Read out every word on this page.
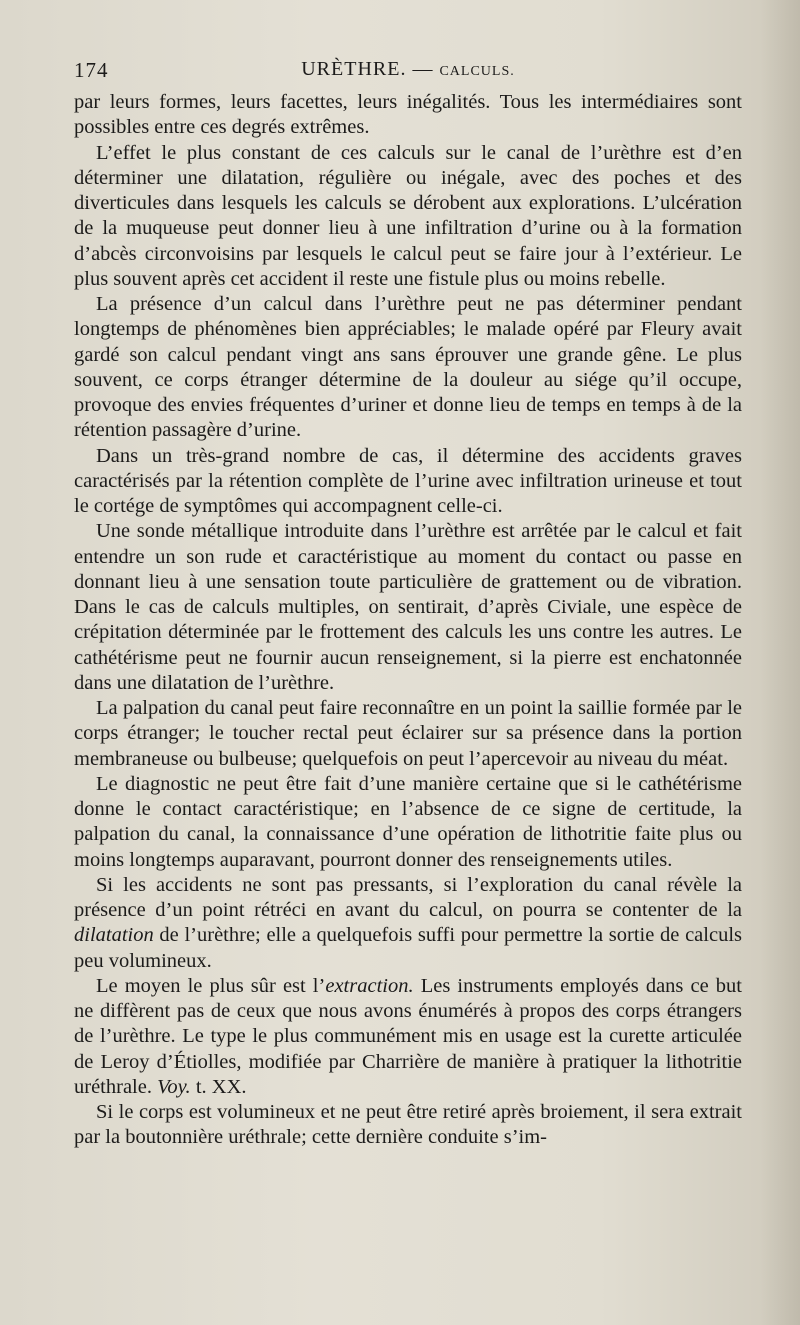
174	URÈTHRE. — CALCULS.

par leurs formes, leurs facettes, leurs inégalités. Tous les intermédiaires sont possibles entre ces degrés extrêmes.

L’effet le plus constant de ces calculs sur le canal de l’urèthre est d’en déterminer une dilatation, régulière ou inégale, avec des poches et des diverticules dans lesquels les calculs se dérobent aux explorations. L’ulcération de la muqueuse peut donner lieu à une infiltration d’urine ou à la formation d’abcès circonvoisins par lesquels le calcul peut se faire jour à l’extérieur. Le plus souvent après cet accident il reste une fistule plus ou moins rebelle.

La présence d’un calcul dans l’urèthre peut ne pas déterminer pendant longtemps de phénomènes bien appréciables; le malade opéré par Fleury avait gardé son calcul pendant vingt ans sans éprouver une grande gêne. Le plus souvent, ce corps étranger détermine de la douleur au siége qu’il occupe, provoque des envies fréquentes d’uriner et donne lieu de temps en temps à de la rétention passagère d’urine.

Dans un très-grand nombre de cas, il détermine des accidents graves caractérisés par la rétention complète de l’urine avec infiltration urineuse et tout le cortége de symptômes qui accompagnent celle-ci.

Une sonde métallique introduite dans l’urèthre est arrêtée par le calcul et fait entendre un son rude et caractéristique au moment du contact ou passe en donnant lieu à une sensation toute particulière de grattement ou de vibration. Dans le cas de calculs multiples, on sentirait, d’après Civiale, une espèce de crépitation déterminée par le frottement des calculs les uns contre les autres. Le cathétérisme peut ne fournir aucun renseignement, si la pierre est enchatonnée dans une dilatation de l’urèthre.

La palpation du canal peut faire reconnaître en un point la saillie formée par le corps étranger; le toucher rectal peut éclairer sur sa présence dans la portion membraneuse ou bulbeuse; quelquefois on peut l’apercevoir au niveau du méat.

Le diagnostic ne peut être fait d’une manière certaine que si le cathétérisme donne le contact caractéristique; en l’absence de ce signe de certitude, la palpation du canal, la connaissance d’une opération de lithotritie faite plus ou moins longtemps auparavant, pourront donner des renseignements utiles.

Si les accidents ne sont pas pressants, si l’exploration du canal révèle la présence d’un point rétréci en avant du calcul, on pourra se contenter de la dilatation de l’urèthre; elle a quelquefois suffi pour permettre la sortie de calculs peu volumineux.

Le moyen le plus sûr est l’extraction. Les instruments employés dans ce but ne diffèrent pas de ceux que nous avons énumérés à propos des corps étrangers de l’urèthre. Le type le plus communément mis en usage est la curette articulée de Leroy d’Étiolles, modifiée par Charrière de manière à pratiquer la lithotritie uréthrale. Voy. t. XX.

Si le corps est volumineux et ne peut être retiré après broiement, il sera extrait par la boutonnière uréthrale; cette dernière conduite s’im-
